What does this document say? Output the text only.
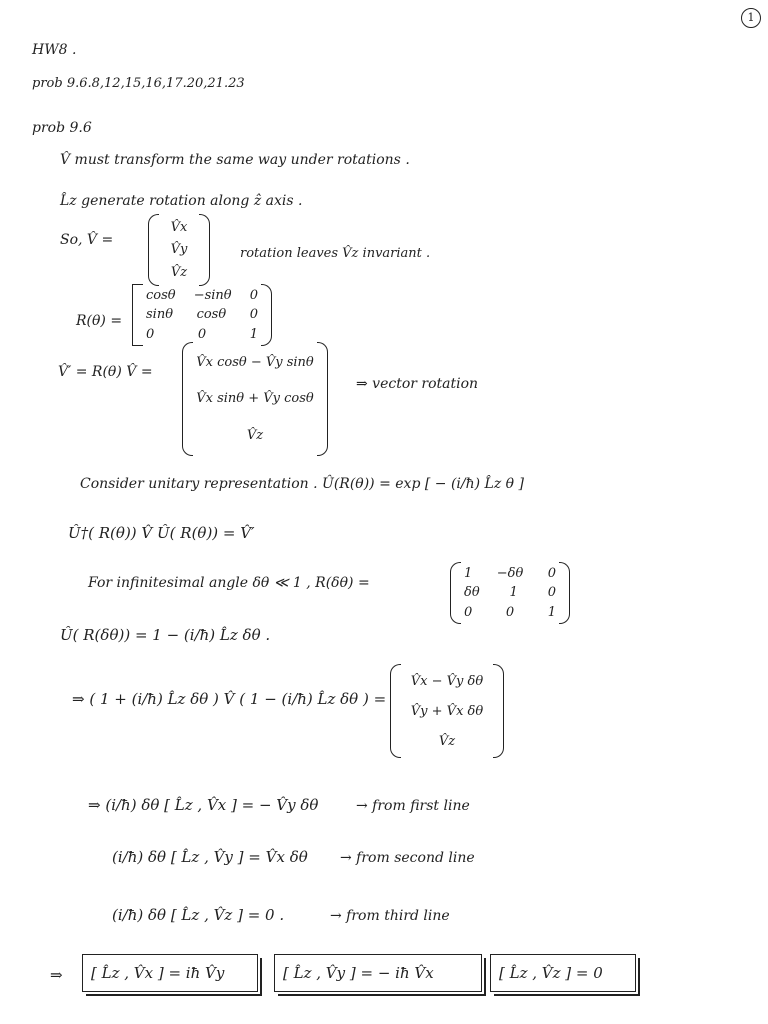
1
HW8 .
prob 9.6.8,12,15,16,17.20,21.23
prob 9.6
V̂ must transform the same way under rotations .
L̂z generate rotation along ẑ axis .
So, V̂ =
V̂x
V̂y
V̂z
rotation leaves V̂z invariant .
R(θ) =
cosθ −sinθ 0
sinθ cosθ 0
0	0	1
V̂′ = R(θ) V̂ =
V̂x cosθ − V̂y sinθ
V̂x sinθ + V̂y cosθ
V̂z
⇒ vector rotation
Consider unitary representation . Û(R(θ)) = exp [ − (i/ħ) L̂z θ ]
Û†( R(θ)) V̂ Û( R(θ)) = V̂′
For infinitesimal angle δθ ≪ 1 , R(δθ) =
1 −δθ 0
δθ 1 0
0	0	1
Û( R(δθ)) = 1 − (i/ħ) L̂z δθ .
⇒ ( 1 + (i/ħ) L̂z δθ ) V̂ ( 1 − (i/ħ) L̂z δθ ) =
V̂x − V̂y δθ
V̂y + V̂x δθ
V̂z
⇒ (i/ħ) δθ [ L̂z , V̂x ] = − V̂y δθ	→ from first line
(i/ħ) δθ [ L̂z , V̂y ] = V̂x δθ → from second line
(i/ħ) δθ [ L̂z , V̂z ] = 0 .	→ from third line
⇒	[ L̂z , V̂x ] = iħ V̂y	[ L̂z , V̂y ] = − iħ V̂x	[ L̂z , V̂z ] = 0
